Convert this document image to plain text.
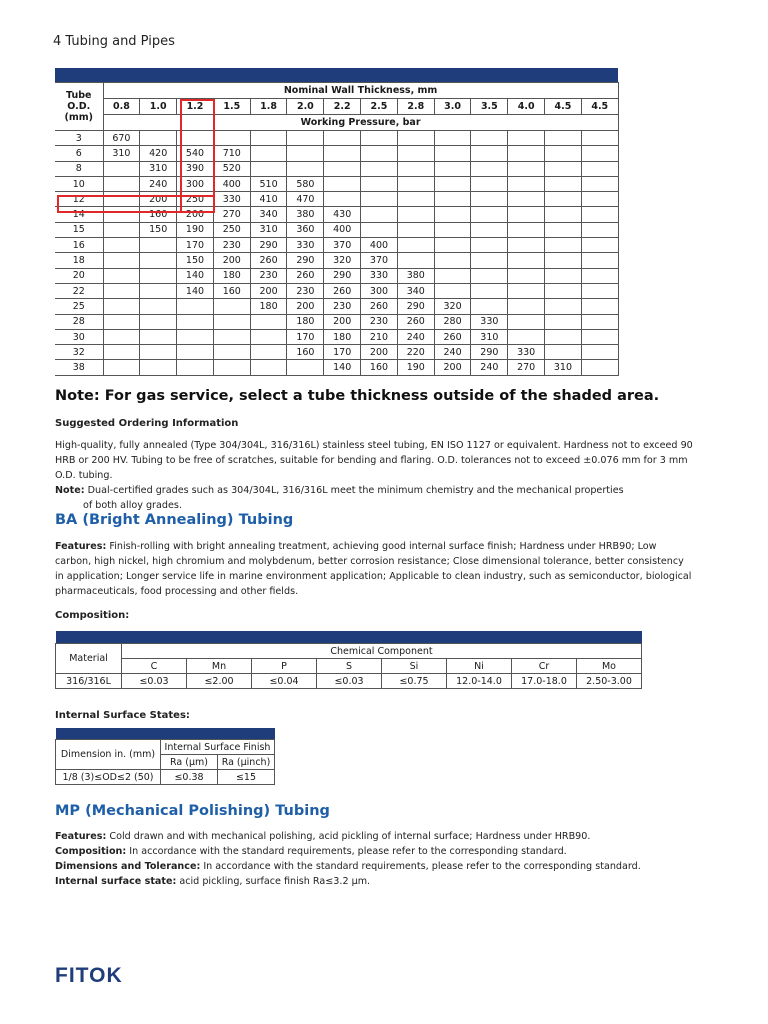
4 Tubing and Pipes

Tube O.D. (mm)	Nominal Wall Thickness, mm													
	0.8	1.0	1.2	1.5	1.8	2.0	2.2	2.5	2.8	3.0	3.5	4.0	4.5	4.5
	Working Pressure, bar													
3	670													
6	310	420	540	710										
8		310	390	520										
10		240	300	400	510	580								
12		200	250	330	410	470								
14		160	200	270	340	380	430							
15		150	190	250	310	360	400							
16			170	230	290	330	370	400						
18			150	200	260	290	320	370						
20			140	180	230	260	290	330	380					
22			140	160	200	230	260	300	340					
25					180	200	230	260	290	320				
28						180	200	230	260	280	330			
30						170	180	210	240	260	310			
32						160	170	200	220	240	290	330		
38							140	160	190	200	240	270	310	
Note: For gas service, select a tube thickness outside of the shaded area.
Suggested Ordering Information
High-quality, fully annealed (Type 304/304L, 316/316L) stainless steel tubing, EN ISO 1127 or equivalent. Hardness not to exceed 90 HRB or 200 HV. Tubing to be free of scratches, suitable for bending and flaring. O.D. tolerances not to exceed ±0.076 mm for 3 mm O.D. tubing.
Note: Dual-certified grades such as 304/304L, 316/316L meet the minimum chemistry and the mechanical properties
of both alloy grades.
BA (Bright Annealing) Tubing
Features: Finish-rolling with bright annealing treatment, achieving good internal surface finish; Hardness under HRB90; Low carbon, high nickel, high chromium and molybdenum, better corrosion resistance; Close dimensional tolerance, better consistency in application; Longer service life in marine environment application; Applicable to clean industry, such as semiconductor, biological pharmaceuticals, food processing and other fields.
Composition:

Material	Chemical Component							
	C	Mn	P	S	Si	Ni	Cr	Mo
316/316L	≤0.03	≤2.00	≤0.04	≤0.03	≤0.75	12.0-14.0	17.0-18.0	2.50-3.00
Internal Surface States:

Dimension in. (mm)	Internal Surface Finish	
	Ra (μm)	Ra (μinch)
1/8 (3)≤OD≤2 (50)	≤0.38	≤15
MP (Mechanical Polishing) Tubing
Features: Cold drawn and with mechanical polishing, acid pickling of internal surface; Hardness under HRB90.
Composition: In accordance with the standard requirements, please refer to the corresponding standard.
Dimensions and Tolerance: In accordance with the standard requirements, please refer to the corresponding standard.
Internal surface state: acid pickling, surface finish Ra≤3.2 μm.
FITOK
